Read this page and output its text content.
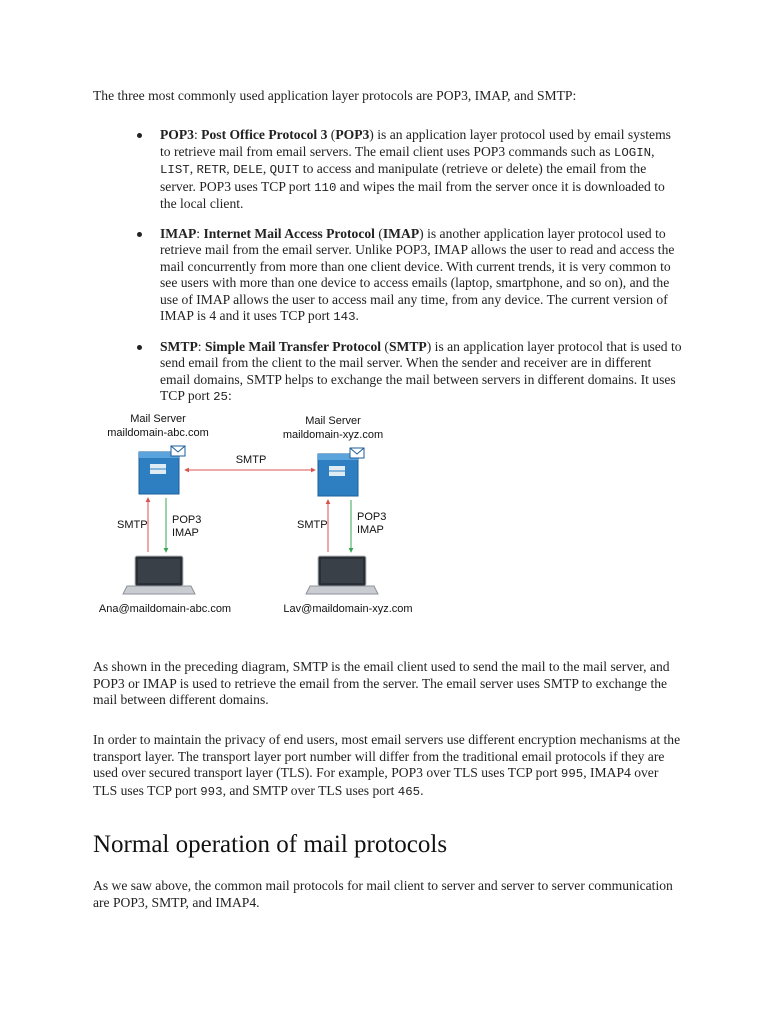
The three most commonly used application layer protocols are POP3, IMAP, and SMTP:

POP3: Post Office Protocol 3 (POP3) is an application layer protocol used by email systems to retrieve mail from email servers. The email client uses POP3 commands such as LOGIN, LIST, RETR, DELE, QUIT to access and manipulate (retrieve or delete) the email from the server. POP3 uses TCP port 110 and wipes the mail from the server once it is downloaded to the local client.
IMAP: Internet Mail Access Protocol (IMAP) is another application layer protocol used to retrieve mail from the email server. Unlike POP3, IMAP allows the user to read and access the mail concurrently from more than one client device. With current trends, it is very common to see users with more than one device to access emails (laptop, smartphone, and so on), and the use of IMAP allows the user to access mail any time, from any device. The current version of IMAP is 4 and it uses TCP port 143.
SMTP: Simple Mail Transfer Protocol (SMTP) is an application layer protocol that is used to send email from the client to the mail server. When the sender and receiver are in different email domains, SMTP helps to exchange the mail between servers in different domains. It uses TCP port 25:
Mail Server
maildomain-abc.com
Mail Server
maildomain-xyz.com
SMTP
SMTP POP3
IMAP
SMTP
POP3
IMAP
Ana@maildomain-abc.com	Lav@maildomain-xyz.com

As shown in the preceding diagram, SMTP is the email client used to send the mail to the mail server, and POP3 or IMAP is used to retrieve the email from the server. The email server uses SMTP to exchange the mail between different domains.

In order to maintain the privacy of end users, most email servers use different encryption mechanisms at the transport layer. The transport layer port number will differ from the traditional email protocols if they are used over secured transport layer (TLS). For example, POP3 over TLS uses TCP port 995, IMAP4 over TLS uses TCP port 993, and SMTP over TLS uses port 465.

Normal operation of mail protocols

As we saw above, the common mail protocols for mail client to server and server to server communication are POP3, SMTP, and IMAP4.
